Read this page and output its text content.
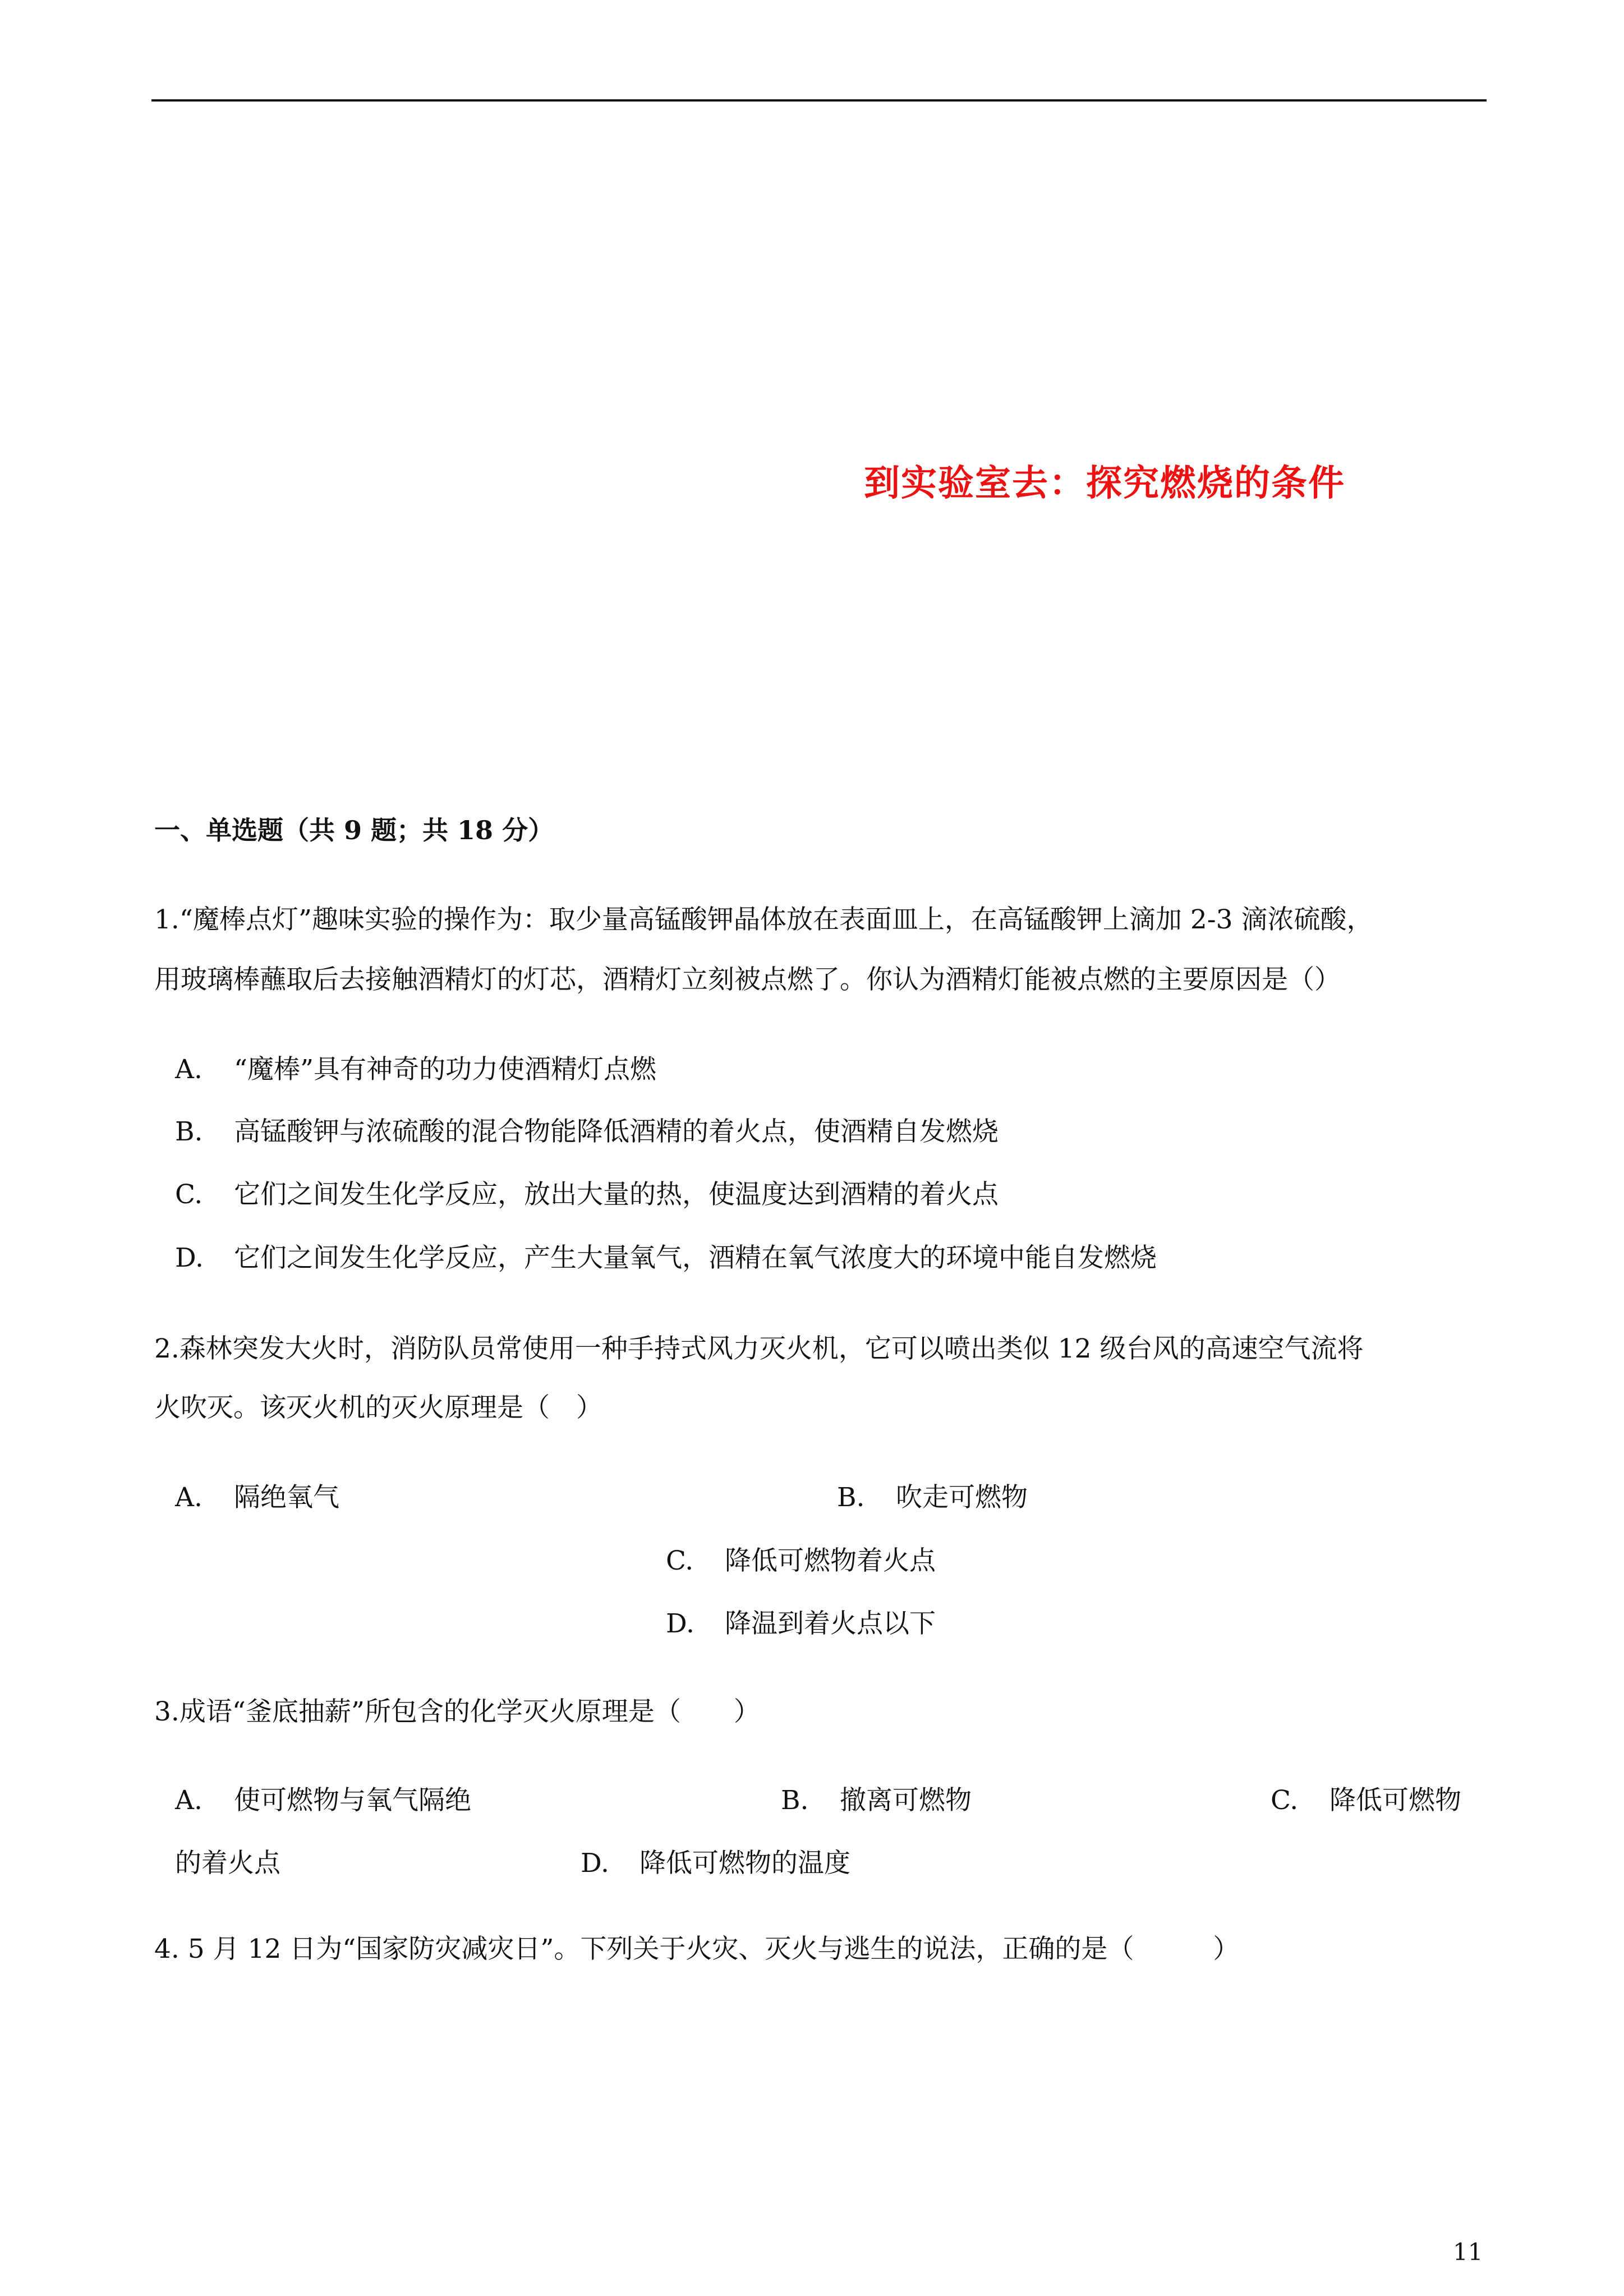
到实验室去：探究燃烧的条件
一、单选题（共 9 题；共 18 分）
1.“魔棒点灯”趣味实验的操作为：取少量高锰酸钾晶体放在表面皿上，在高锰酸钾上滴加 2-3 滴浓硫酸，
用玻璃棒蘸取后去接触酒精灯的灯芯，酒精灯立刻被点燃了。你认为酒精灯能被点燃的主要原因是（）
A. “魔棒”具有神奇的功力使酒精灯点燃
B. 高锰酸钾与浓硫酸的混合物能降低酒精的着火点，使酒精自发燃烧
C. 它们之间发生化学反应，放出大量的热，使温度达到酒精的着火点
D. 它们之间发生化学反应，产生大量氧气，酒精在氧气浓度大的环境中能自发燃烧
2.森林突发大火时，消防队员常使用一种手持式风力灭火机，它可以喷出类似 12 级台风的高速空气流将
火吹灭。该灭火机的灭火原理是（　）
A. 隔绝氧气	B. 吹走可燃物
C. 降低可燃物着火点
D. 降温到着火点以下
3.成语“釜底抽薪”所包含的化学灭火原理是（　　）
A. 使可燃物与氧气隔绝	B. 撤离可燃物	C. 降低可燃物
的着火点	D. 降低可燃物的温度
4. 5 月 12 日为“国家防灾减灾日”。下列关于火灾、灭火与逃生的说法，正确的是（　　　）
11
